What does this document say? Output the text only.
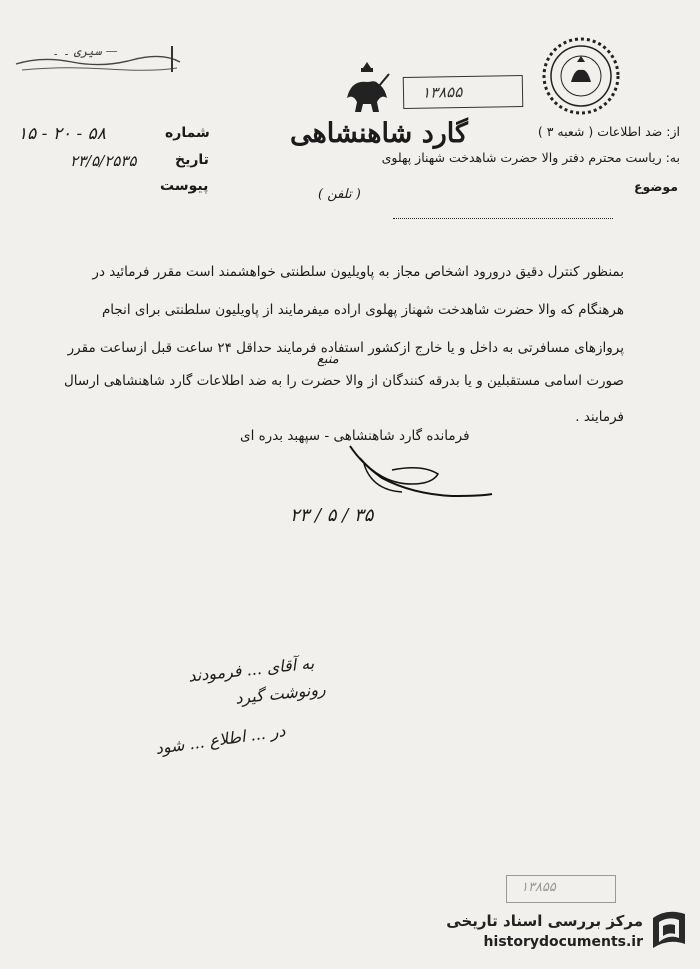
— سیری ۔ ۔
۱۳۸۵۵
گارد شاهنشاهی	از: ضد اطلاعات ( شعبه ۳ )
به: ریاست محترم دفتر والا حضرت شاهدخت شهناز پهلوی
موضوع
( تلفن )
شماره
۱۵ - ۲۰ - ۵۸
تاریخ
۲۳/۵/۲۵۳۵
پیوست
بمنظور کنترل دقیق درورود اشخاص مجاز به پاویلیون سلطنتی خواهشمند است مقرر فرمائید در
هرهنگام که والا حضرت شاهدخت شهناز پهلوی اراده میفرمایند از پاویلیون سلطنتی برای انجام
پروازهای مسافرتی به داخل و یا خارج ازکشور استفاده فرمایند حداقل ۲۴ ساعت قبل ازساعت مقرر
منبع
صورت اسامی مستقبلین و یا بدرقه کنندگان از والا حضرت را به ضد اطلاعات گارد شاهنشاهی ارسال
فرمایند .
فرمانده گارد شاهنشاهی - سپهبد بدره ای
۲۳ / ۵ / ۳۵
به آقای ... فرمودند
رونوشت گیرد
در ... اطلاع ... شود
۱۳۸۵۵
مرکز بررسی اسناد تاریخی
historydocuments.ir
